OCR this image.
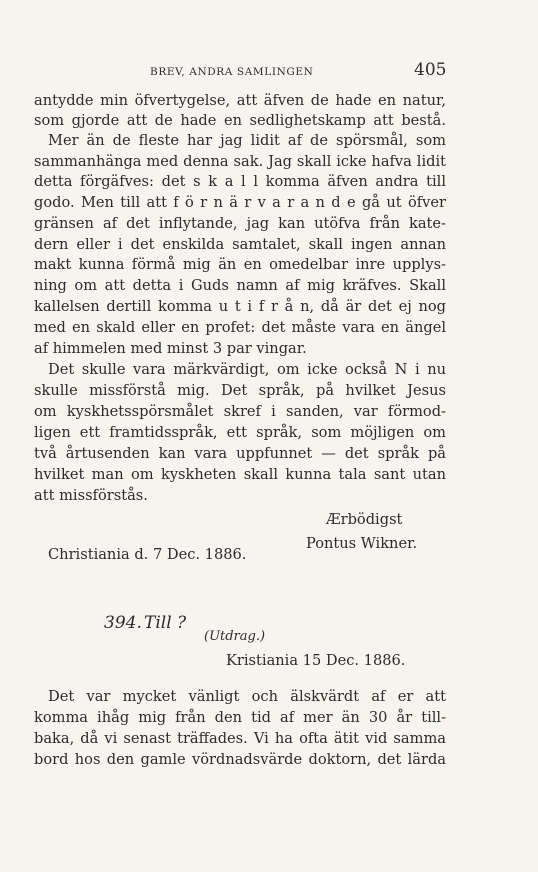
BREV, ANDRA SAMLINGEN	405
antydde min öfvertygelse, att äfven de hade en natur,
som gjorde att de hade en sedlighetskamp att bestå.
Mer än de fleste har jag lidit af de spörsmål, som
sammanhänga med denna sak. Jag skall icke hafva lidit
detta förgäfves: det s k a l l komma äfven andra till
godo. Men till att f ö r n ä r v a r a n d e gå ut öfver
gränsen af det inflytande, jag kan utöfva från kate-
dern eller i det enskilda samtalet, skall ingen annan
makt kunna förmå mig än en omedelbar inre upplys-
ning om att detta i Guds namn af mig kräfves. Skall
kallelsen dertill komma u t i f r å n, då är det ej nog
med en skald eller en profet: det måste vara en ängel
af himmelen med minst 3 par vingar.
Det skulle vara märkvärdigt, om icke också N i nu
skulle missförstå mig. Det språk, på hvilket Jesus
om kyskhetsspörsmålet skref i sanden, var förmod-
ligen ett framtidsspråk, ett språk, som möjligen om
två årtusenden kan vara uppfunnet — det språk på
hvilket man om kyskheten skall kunna tala sant utan
att missförstås.
Ærbödigst
Pontus Wikner.
Christiania d. 7 Dec. 1886.
394. Till ?
(Utdrag.)
Kristiania 15 Dec. 1886.
Det var mycket vänligt och älskvärdt af er att
komma ihåg mig från den tid af mer än 30 år till-
baka, då vi senast träffades. Vi ha ofta ätit vid samma
bord hos den gamle vördnadsvärde doktorn, det lärda
